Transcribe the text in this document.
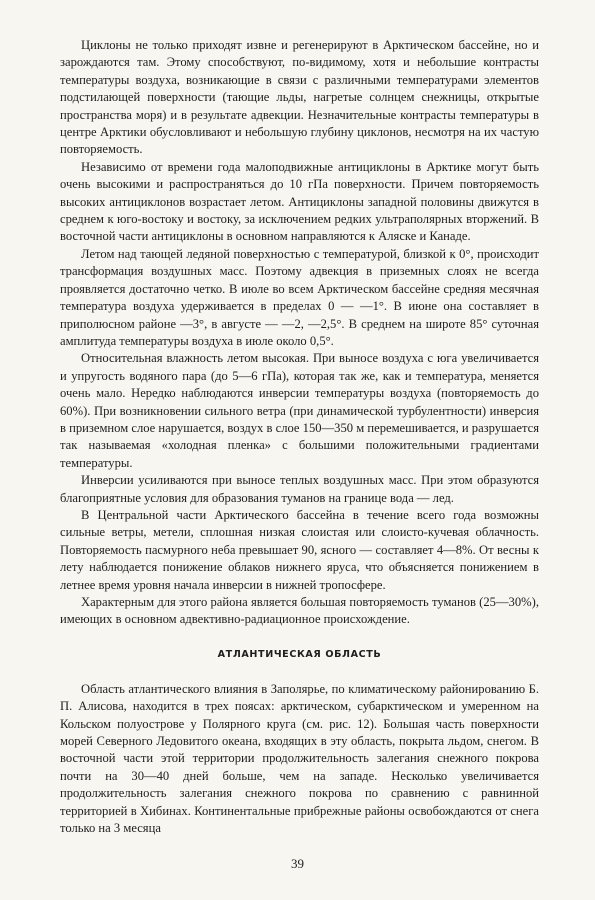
Циклоны не только приходят извне и регенерируют в Арктическом бассейне, но и зарождаются там. Этому способствуют, по-видимому, хотя и небольшие контрасты температуры воздуха, возникающие в связи с различными температурами элементов подстилающей поверхности (тающие льды, нагретые солнцем снежницы, открытые пространства моря) и в результате адвекции. Незначительные контрасты температуры в центре Арктики обусловливают и небольшую глубину циклонов, несмотря на их частую повторяемость.

Независимо от времени года малоподвижные антициклоны в Арктике могут быть очень высокими и распространяться до 10 гПа поверхности. Причем повторяемость высоких антициклонов возрастает летом. Антициклоны западной половины движутся в среднем к юго-востоку и востоку, за исключением редких ультраполярных вторжений. В восточной части антициклоны в основном направляются к Аляске и Канаде.

Летом над тающей ледяной поверхностью с температурой, близкой к 0°, происходит трансформация воздушных масс. Поэтому адвекция в приземных слоях не всегда проявляется достаточно четко. В июле во всем Арктическом бассейне средняя месячная температура воздуха удерживается в пределах 0 — —1°. В июне она составляет в приполюсном районе —3°, в августе — —2, —2,5°. В среднем на широте 85° суточная амплитуда температуры воздуха в июле около 0,5°.

Относительная влажность летом высокая. При выносе воздуха с юга увеличивается и упругость водяного пара (до 5—6 гПа), которая так же, как и температура, меняется очень мало. Нередко наблюдаются инверсии температуры воздуха (повторяемость до 60%). При возникновении сильного ветра (при динамической турбулентности) инверсия в приземном слое нарушается, воздух в слое 150—350 м перемешивается, и разрушается так называемая «холодная пленка» с большими положительными градиентами температуры.

Инверсии усиливаются при выносе теплых воздушных масс. При этом образуются благоприятные условия для образования туманов на границе вода — лед.

В Центральной части Арктического бассейна в течение всего года возможны сильные ветры, метели, сплошная низкая слоистая или слоисто-кучевая облачность. Повторяемость пасмурного неба превышает 90, ясного — составляет 4—8%. От весны к лету наблюдается понижение облаков нижнего яруса, что объясняется понижением в летнее время уровня начала инверсии в нижней тропосфере.

Характерным для этого района является большая повторяемость туманов (25—30%), имеющих в основном адвективно-радиационное происхождение.

АТЛАНТИЧЕСКАЯ ОБЛАСТЬ

Область атлантического влияния в Заполярье, по климатическому районированию Б. П. Алисова, находится в трех поясах: арктическом, субарктическом и умеренном на Кольском полуострове у Полярного круга (см. рис. 12). Большая часть поверхности морей Северного Ледовитого океана, входящих в эту область, покрыта льдом, снегом. В восточной части этой территории продолжительность залегания снежного покрова почти на 30—40 дней больше, чем на западе. Несколько увеличивается продолжительность залегания снежного покрова по сравнению с равнинной территорией в Хибинах. Континентальные прибрежные районы освобождаются от снега только на 3 месяца

39
